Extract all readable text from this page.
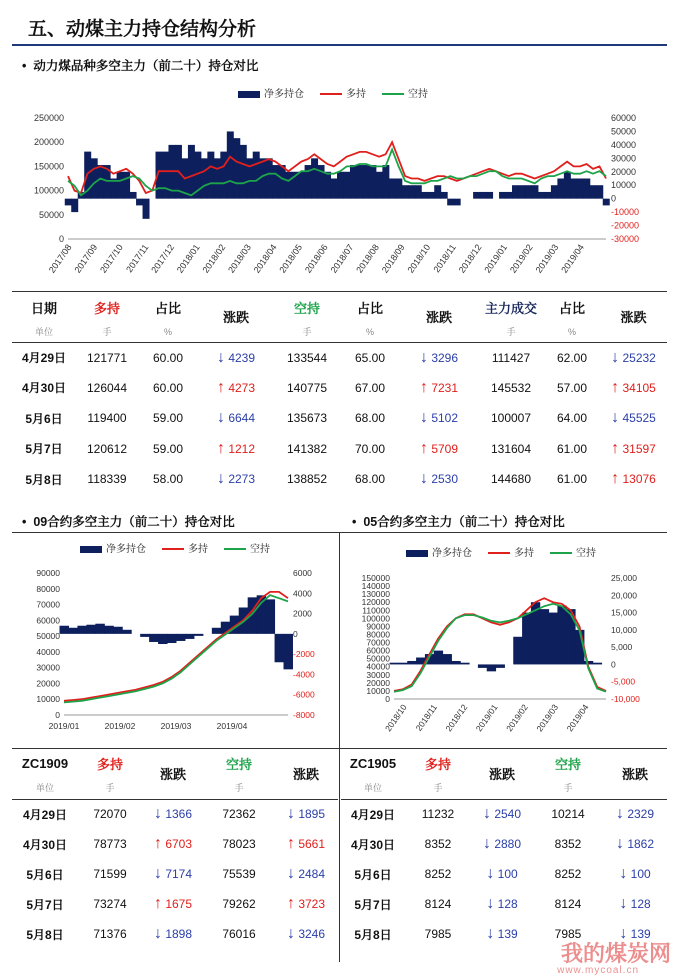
五、动煤主力持仓结构分析
• 动力煤品种多空主力（前二十）持仓对比
净多持仓	多持	空持
0
50000
100000
150000
200000
250000
-30000
-20000
-10000
0
10000
20000
30000
40000
50000
60000
2017/08
2017/09
2017/10 2017/11
2017/12
2018/01
2018/02
2018/03
2018/04
2018/05
2018/06
2018/07
2018/08
2018/09
2018/10 2018/11
2018/12
2019/01
2019/02
2019/03
2019/04
日期	多持	占比	涨跌	空持	占比	涨跌	主力成交	占比	涨跌
单位	手	%		手	%		手	%	
4月29日	121771	60.00	↓ 4239	133544	65.00	↓ 3296	111427	62.00	↓ 25232
4月30日	126044	60.00	↑ 4273	140775	67.00	↑ 7231	145532	57.00	↑ 34105
5月6日	119400	59.00	↓ 6644	135673	68.00	↓ 5102	100007	64.00	↓ 45525
5月7日	120612	59.00	↑ 1212	141382	70.00	↑ 5709	131604	61.00	↑ 31597
5月8日	118339	58.00	↓ 2273	138852	68.00	↓ 2530	144680	61.00	↑ 13076
• 09合约多空主力（前二十）持仓对比	• 05合约多空主力（前二十）持仓对比
净多持仓	多持	空持
0
10000
20000
30000
40000
50000
60000
70000
80000
90000
-8000
-6000
-4000
-2000
0
2000
4000
6000
2019/01	2019/02	2019/03	2019/04
净多持仓	多持	空持
0
10000
20000
30000
40000
50000
60000
70000
80000
90000
100000
110000
120000
130000
140000
150000
-10,000
-5,000
0
5,000
10,000
15,000
20,000
25,000
2018/10 2018/11 2018/12 2019/01 2019/02 2019/03 2019/04
ZC1909	多持	涨跌	空持	涨跌
单位	手		手	
4月29日	72070	↓ 1366	72362	↓ 1895
4月30日	78773	↑ 6703	78023	↑ 5661
5月6日	71599	↓ 7174	75539	↓ 2484
5月7日	73274	↑ 1675	79262	↑ 3723
5月8日	71376	↓ 1898	76016	↓ 3246
ZC1905	多持	涨跌	空持	涨跌
单位	手		手	
4月29日	11232	↓ 2540	10214	↓ 2329
4月30日	8352	↓ 2880	8352	↓ 1862
5月6日	8252	↓ 100	8252	↓ 100
5月7日	8124	↓ 128	8124	↓ 128
5月8日	7985	↓ 139	7985	↓ 139
我的煤炭网
www.mycoal.cn
